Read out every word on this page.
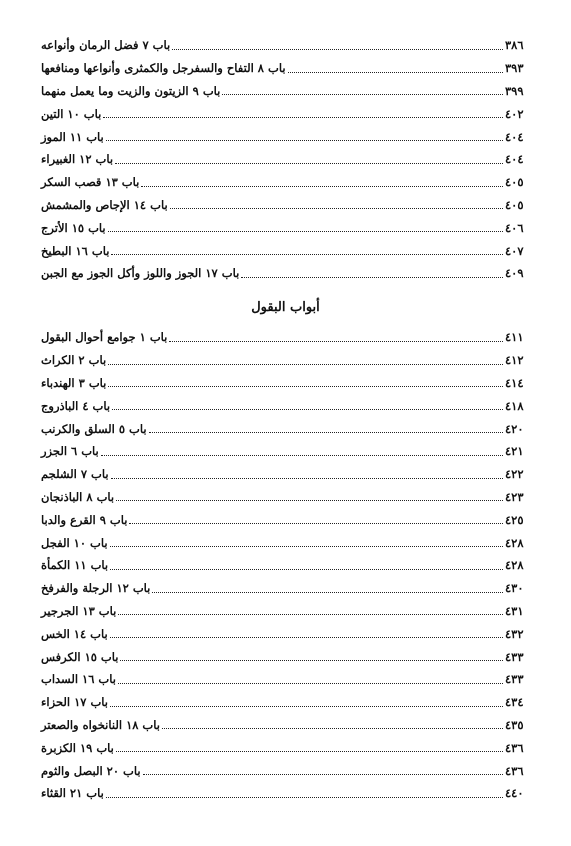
باب ٧ فضل الرمان وأنواعه	٣٨٦
باب ٨ التفاح والسفرجل والكمثرى وأنواعها ومنافعها	٣٩٣
باب ٩ الزيتون والزيت وما يعمل منهما	٣٩٩
باب ١٠ التين	٤٠٢
باب ١١ الموز	٤٠٤
باب ١٢ الغبيراء	٤٠٤
باب ١٣ قصب السكر	٤٠٥
باب ١٤ الإجاص والمشمش	٤٠٥
باب ١٥ الأترج	٤٠٦
باب ١٦ البطيخ	٤٠٧
باب ١٧ الجوز واللوز وأكل الجوز مع الجبن	٤٠٩
أبواب البقول
باب ١ جوامع أحوال البقول	٤١١
باب ٢ الكراث	٤١٢
باب ٣ الهندباء	٤١٤
باب ٤ الباذروج	٤١٨
باب ٥ السلق والكرنب	٤٢٠
باب ٦ الجزر	٤٢١
باب ٧ الشلجم	٤٢٢
باب ٨ الباذنجان	٤٢٣
باب ٩ القرع والدبا	٤٢٥
باب ١٠ الفجل	٤٢٨
باب ١١ الكمأة	٤٢٨
باب ١٢ الرجلة والفرفخ	٤٣٠
باب ١٣ الجرجير	٤٣١
باب ١٤ الخس	٤٣٢
باب ١٥ الكرفس	٤٣٣
باب ١٦ السداب	٤٣٣
باب ١٧ الحزاء	٤٣٤
باب ١٨ النانخواه والصعتر	٤٣٥
باب ١٩ الكزبرة	٤٣٦
باب ٢٠ البصل والثوم	٤٣٦
باب ٢١ القثاء	٤٤٠
